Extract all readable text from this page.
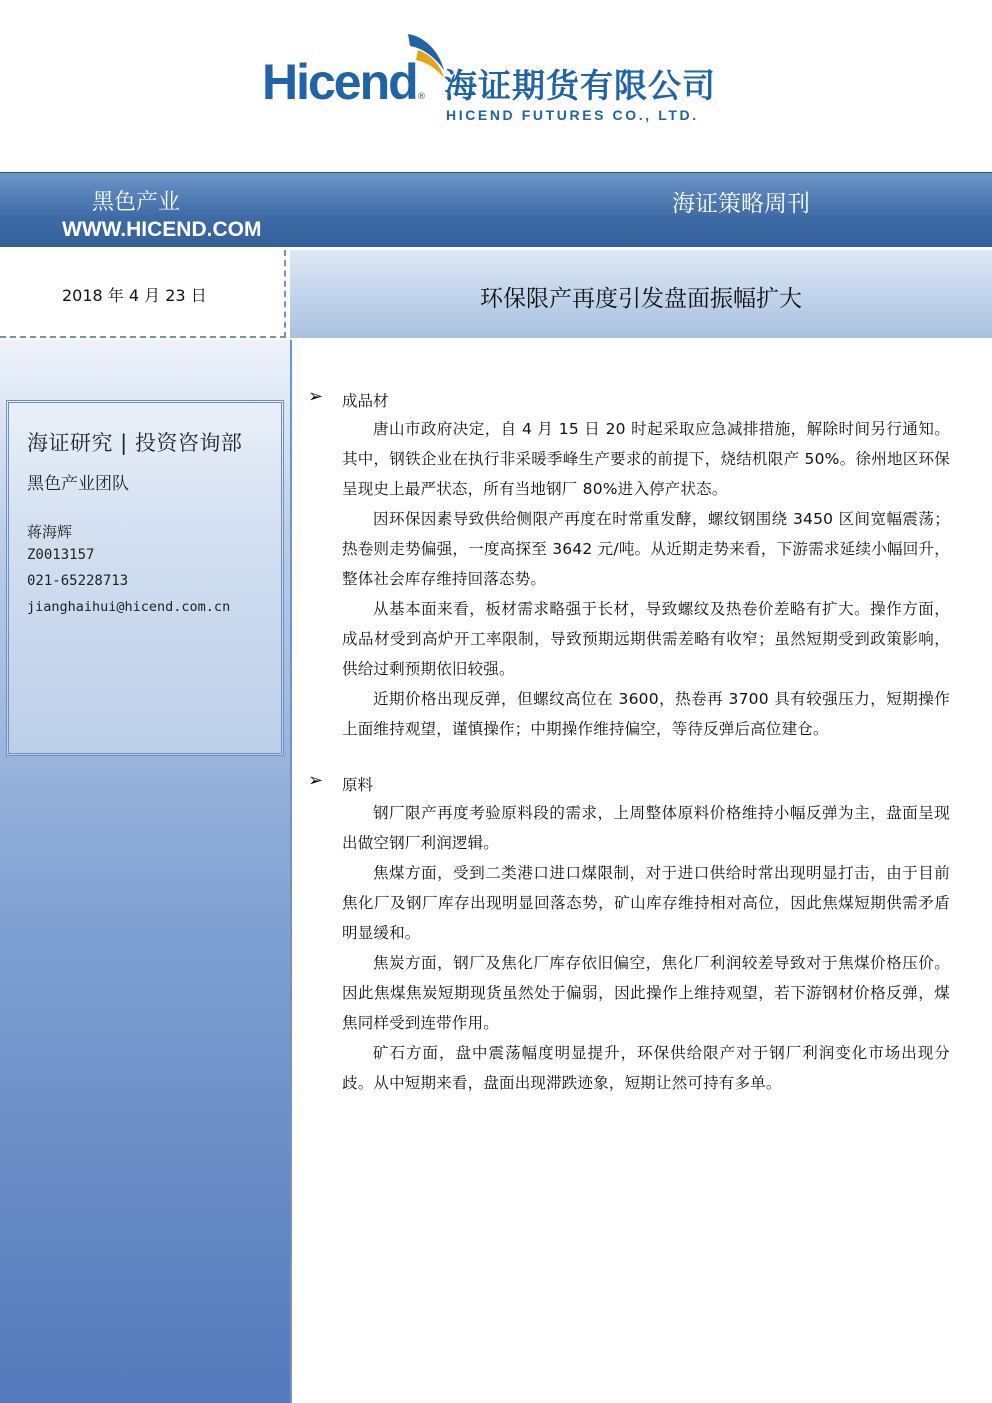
Hicend ® 海证期货有限公司
HICEND FUTURES CO., LTD.
黑色产业
WWW.HICEND.COM
海证策略周刊
2018 年 4 月 23 日	环保限产再度引发盘面振幅扩大
海证研究 | 投资咨询部
黑色产业团队
蒋海辉
Z0013157
021-65228713
jianghaihui@hicend.com.cn
➢ 成品材

唐山市政府决定，自 4 月 15 日 20 时起采取应急减排措施，解除时间另行通知。其中，钢铁企业在执行非采暖季峰生产要求的前提下，烧结机限产 50%。徐州地区环保呈现史上最严状态，所有当地钢厂 80%进入停产状态。

因环保因素导致供给侧限产再度在时常重发酵，螺纹钢围绕 3450 区间宽幅震荡；热卷则走势偏强，一度高探至 3642 元/吨。从近期走势来看，下游需求延续小幅回升，整体社会库存维持回落态势。

从基本面来看，板材需求略强于长材，导致螺纹及热卷价差略有扩大。操作方面，成品材受到高炉开工率限制，导致预期远期供需差略有收窄；虽然短期受到政策影响，供给过剩预期依旧较强。

近期价格出现反弹，但螺纹高位在 3600，热卷再 3700 具有较强压力，短期操作上面维持观望，谨慎操作；中期操作维持偏空，等待反弹后高位建仓。

➢ 原料

钢厂限产再度考验原料段的需求，上周整体原料价格维持小幅反弹为主，盘面呈现出做空钢厂利润逻辑。

焦煤方面，受到二类港口进口煤限制，对于进口供给时常出现明显打击，由于目前焦化厂及钢厂库存出现明显回落态势，矿山库存维持相对高位，因此焦煤短期供需矛盾明显缓和。

焦炭方面，钢厂及焦化厂库存依旧偏空，焦化厂利润较差导致对于焦煤价格压价。因此焦煤焦炭短期现货虽然处于偏弱，因此操作上维持观望，若下游钢材价格反弹，煤焦同样受到连带作用。

矿石方面，盘中震荡幅度明显提升，环保供给限产对于钢厂利润变化市场出现分歧。从中短期来看，盘面出现滞跌迹象，短期让然可持有多单。
